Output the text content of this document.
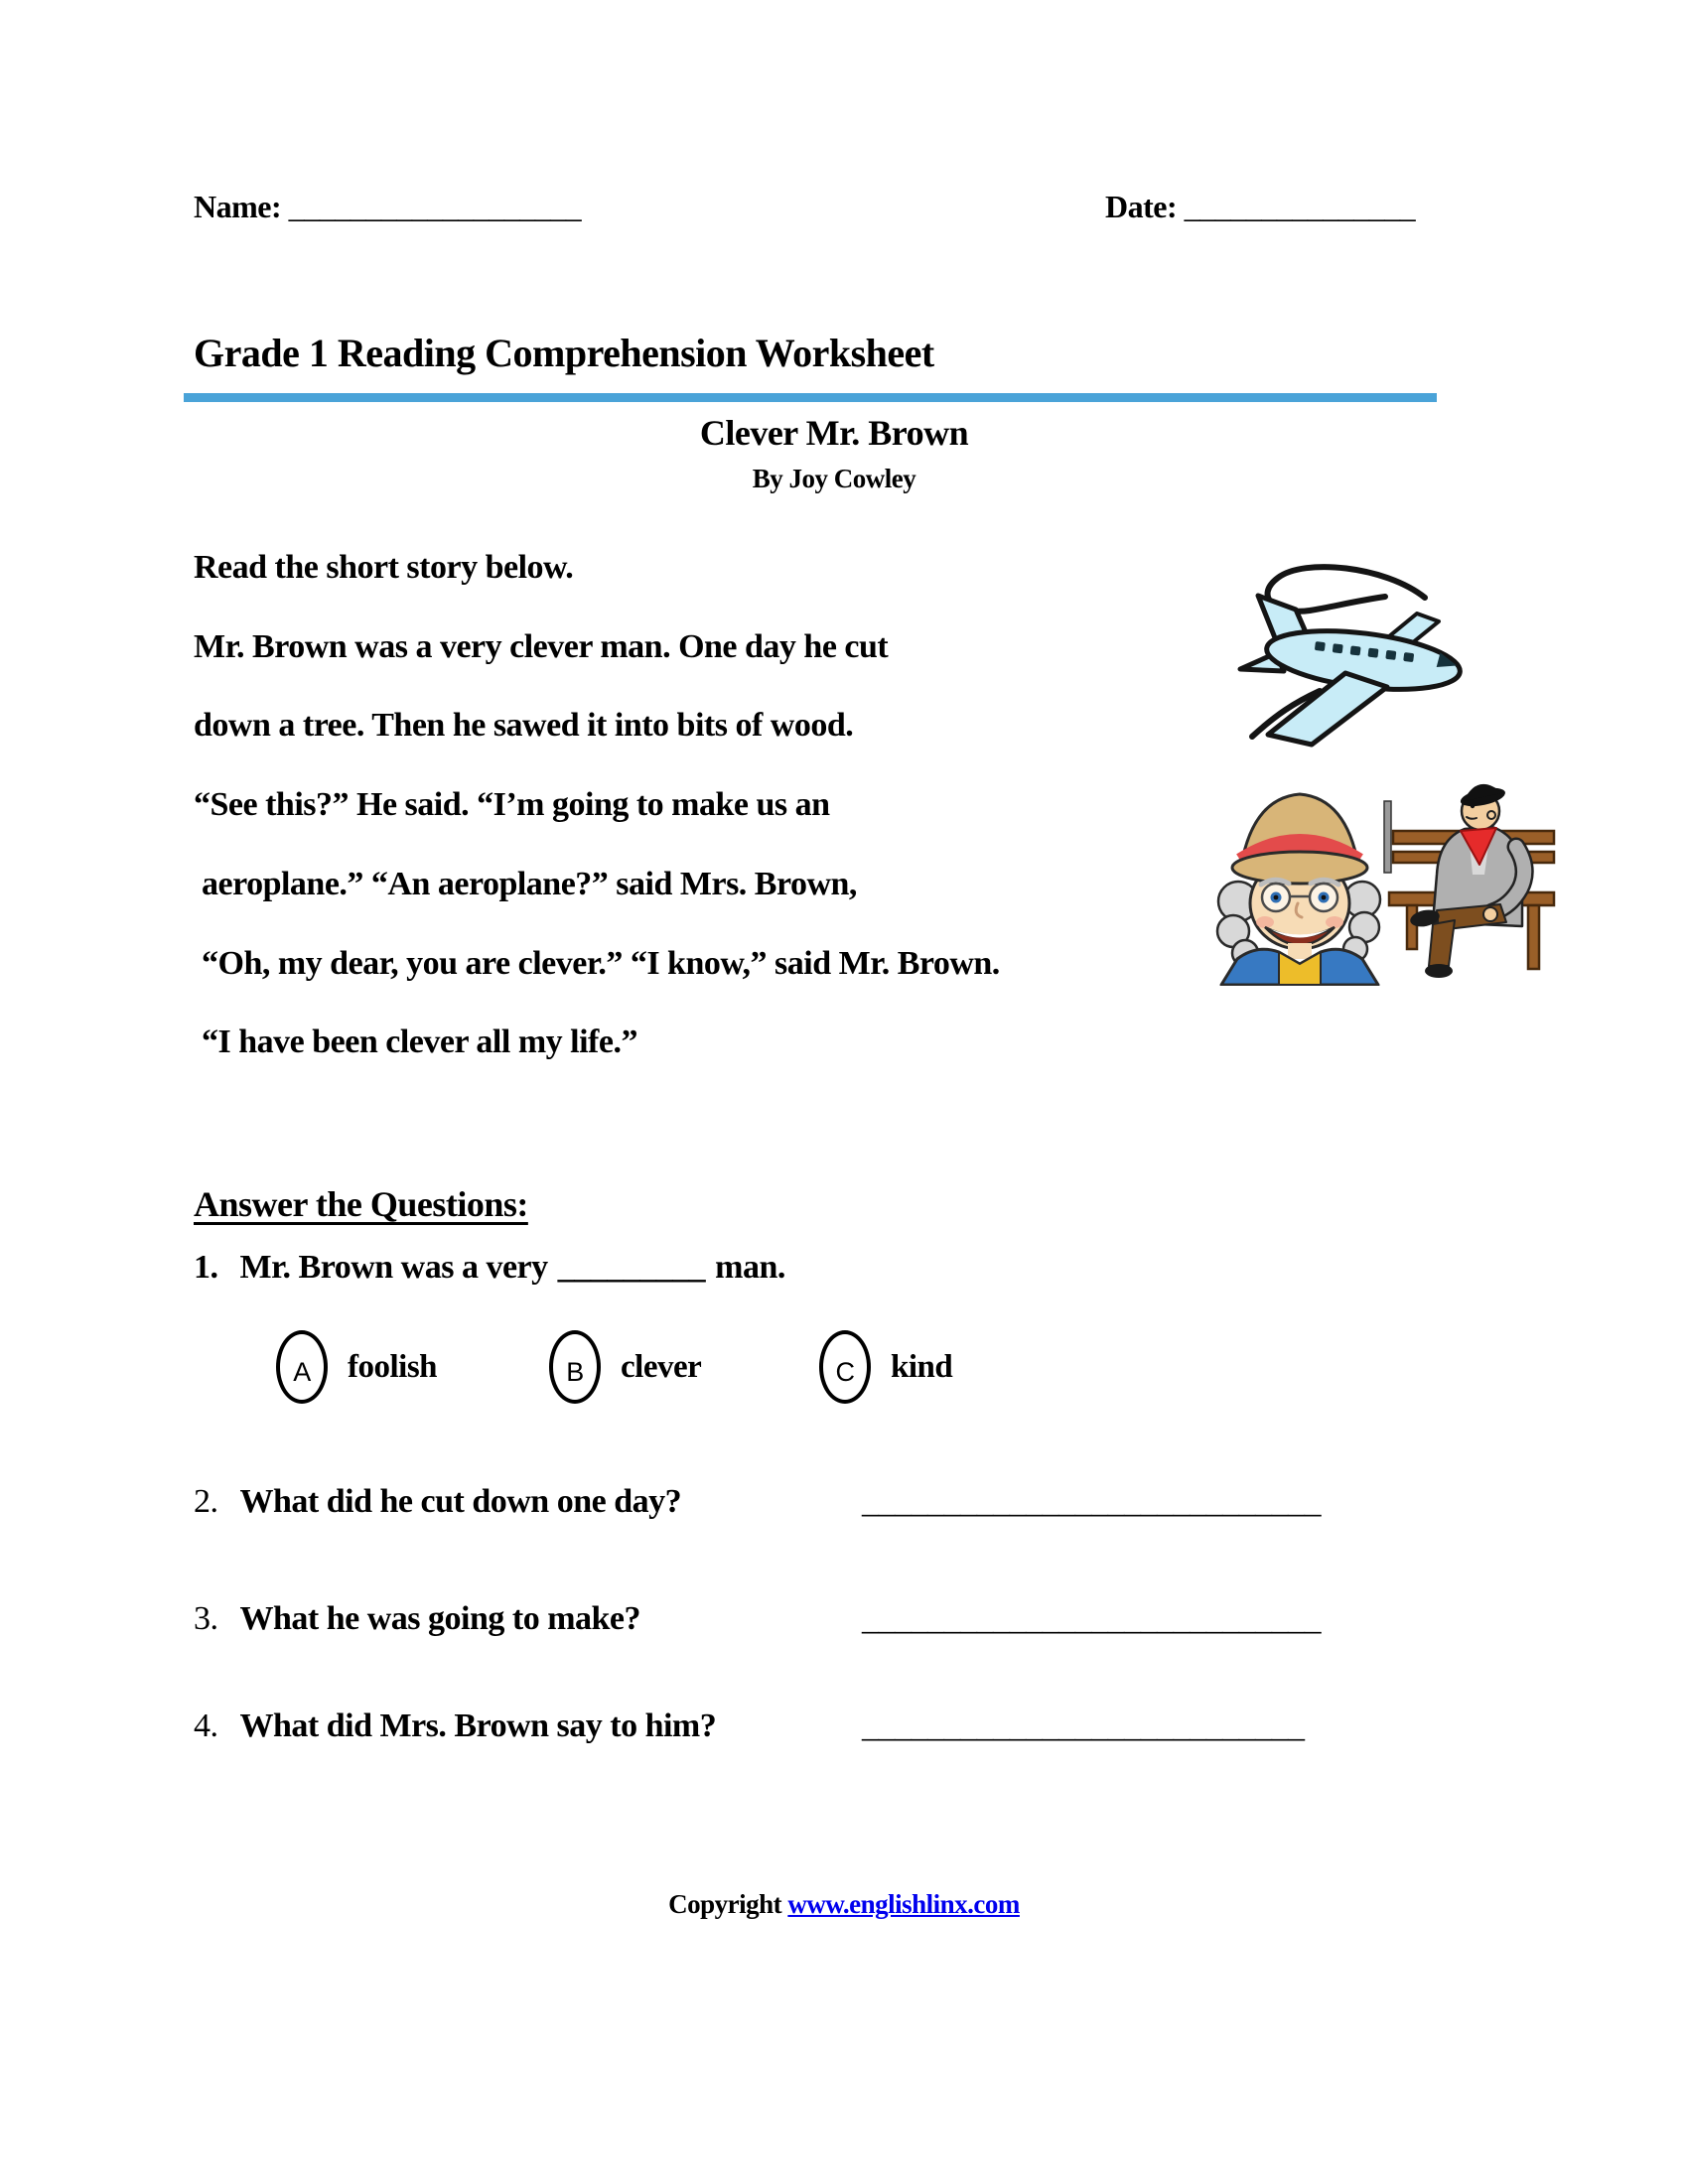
Name: ___________________	Date: _______________
Grade 1 Reading Comprehension Worksheet
Clever Mr. Brown
By Joy Cowley
Read the short story below.
Mr. Brown was a very clever man. One day he cut
down a tree. Then he sawed it into bits of wood.
“See this?” He said. “I’m going to make us an
aeroplane.” “An aeroplane?” said Mrs. Brown,
“Oh, my dear, you are clever.” “I know,” said Mr. Brown.
“I have been clever all my life.”
Answer the Questions:
1. Mr. Brown was a very _________ man.
A	foolish	B	clever	C	kind
2. What did he cut down one day?	____________________________
3. What he was going to make?	____________________________
4. What did Mrs. Brown say to him?	___________________________
Copyright www.englishlinx.com
